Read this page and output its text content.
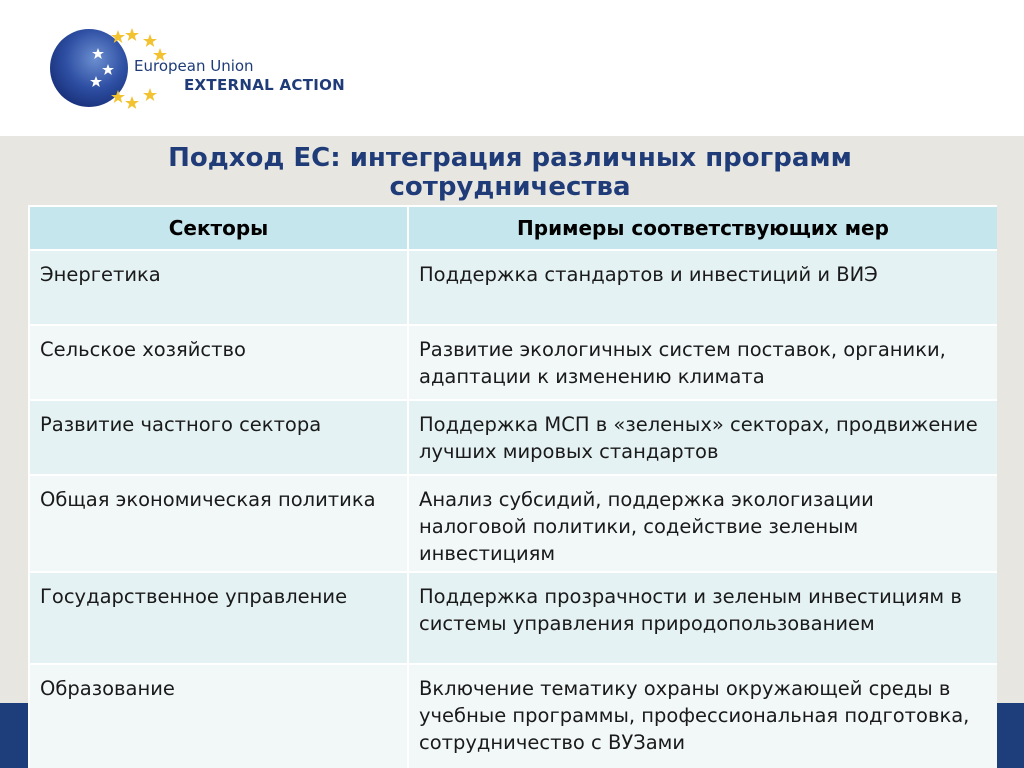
European Union
EXTERNAL ACTION
Подход ЕС: интеграция различных программ сотрудничества
Секторы	Примеры соответствующих мер
Энергетика	Поддержка стандартов и инвестиций и ВИЭ
Сельское хозяйство	Развитие экологичных систем поставок, органики, адаптации к изменению климата
Развитие частного сектора	Поддержка МСП в «зеленых» секторах, продвижение лучших мировых стандартов
Общая экономическая политика	Анализ субсидий, поддержка экологизации налоговой политики, содействие зеленым инвестициям
Государственное управление	Поддержка прозрачности и зеленым инвестициям в системы управления природопользованием
Образование	Включение тематику охраны окружающей среды в учебные программы, профессиональная подготовка, сотрудничество с ВУЗами
